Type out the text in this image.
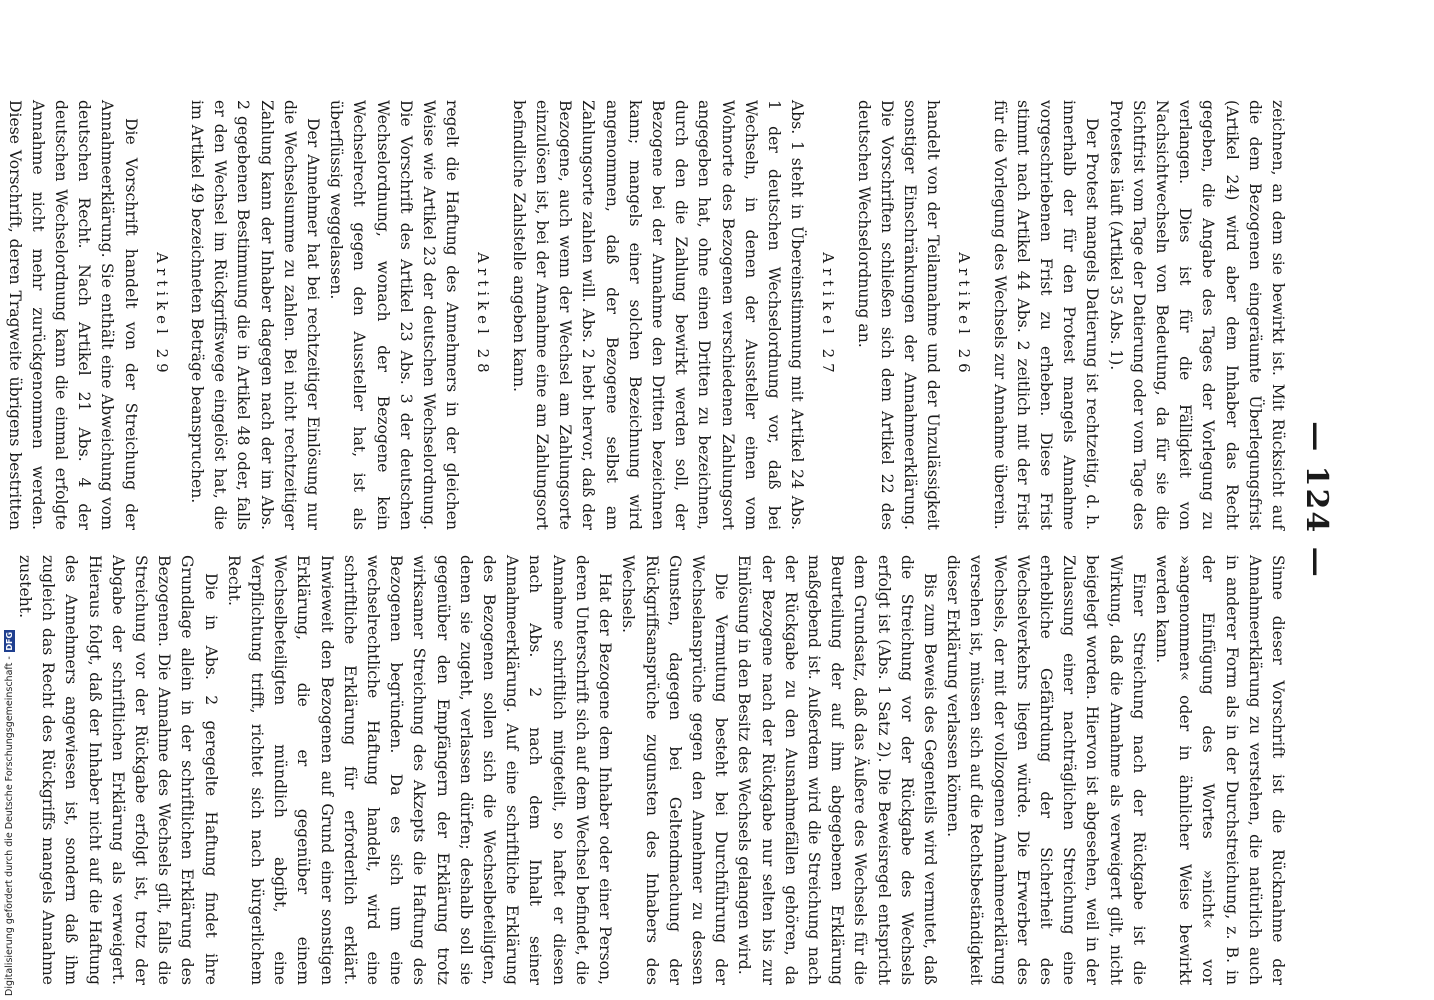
— 124 —

zeichnen, an dem sie bewirkt ist. Mit Rücksicht auf die dem Bezogenen eingeräumte Überlegungsfrist (Artikel 24) wird aber dem Inhaber das Recht gegeben, die Angabe des Tages der Vorlegung zu verlangen. Dies ist für die Fälligkeit von Nachsichtwechseln von Bedeutung, da für sie die Sichtfrist vom Tage der Datierung oder vom Tage des Protestes läuft (Artikel 35 Abs. 1).

Der Protest mangels Datierung ist rechtzeitig, d. h. innerhalb der für den Protest mangels Annahme vorgeschriebenen Frist zu erheben. Diese Frist stimmt nach Artikel 44 Abs. 2 zeitlich mit der Frist für die Vorlegung des Wechsels zur Annahme überein.

Artikel 26

handelt von der Teilannahme und der Unzulässigkeit sonstiger Einschränkungen der Annahmeerklärung. Die Vorschriften schließen sich dem Artikel 22 des deutschen Wechselordnung an.

Artikel 27

Abs. 1 steht in Übereinstimmung mit Artikel 24 Abs. 1 der deutschen Wechselordnung vor, daß bei Wechseln, in denen der Aussteller einen vom Wohnorte des Bezogenen verschiedenen Zahlungsort angegeben hat, ohne einen Dritten zu bezeichnen, durch den die Zahlung bewirkt werden soll, der Bezogene bei der Annahme den Dritten bezeichnen kann; mangels einer solchen Bezeichnung wird angenommen, daß der Bezogene selbst am Zahlungsorte zahlen will. Abs. 2 hebt hervor, daß der Bezogene, auch wenn der Wechsel am Zahlungsorte einzulösen ist, bei der Annahme eine am Zahlungsort befindliche Zahlstelle angeben kann.

Artikel 28

regelt die Haftung des Annehmers in der gleichen Weise wie Artikel 23 der deutschen Wechselordnung. Die Vorschrift des Artikel 23 Abs. 3 der deutschen Wechselordnung, wonach der Bezogene kein Wechselrecht gegen den Aussteller hat, ist als überflüssig weggelassen.

Der Annehmer hat bei rechtzeitiger Einlösung nur die Wechselsumme zu zahlen. Bei nicht rechtzeitiger Zahlung kann der Inhaber dagegen nach der im Abs. 2 gegebenen Bestimmung die in Artikel 48 oder, falls er den Wechsel im Rückgriffswege eingelöst hat, die im Artikel 49 bezeichneten Beträge beanspruchen.

Artikel 29

Die Vorschrift handelt von der Streichung der Annahmeerklärung. Sie enthält eine Abweichung vom deutschen Recht. Nach Artikel 21 Abs. 4 der deutschen Wechselordnung kann die einmal erfolgte Annahme nicht mehr zurückgenommen werden. Diese Vorschrift, deren Tragweite übrigens bestritten

Sinne dieser Vorschrift ist die Rücknahme der Annahmeerklärung zu verstehen, die natürlich auch in anderer Form als in der Durchstreichung, z. B. in der Einfügung des Wortes »nicht« vor »angenommen« oder in ähnlicher Weise bewirkt werden kann.

Einer Streichung nach der Rückgabe ist die Wirkung, daß die Annahme als verweigert gilt, nicht beigelegt worden. Hiervon ist abgesehen, weil in der Zulassung einer nachträglichen Streichung eine erhebliche Gefährdung der Sicherheit des Wechselverkehrs liegen würde. Die Erwerber des Wechsels, der mit der vollzogenen Annahmeerklärung versehen ist, müssen sich auf die Rechtsbeständigkeit dieser Erklärung verlassen können.

Bis zum Beweis des Gegenteils wird vermutet, daß die Streichung vor der Rückgabe des Wechsels erfolgt ist (Abs. 1 Satz 2). Die Beweisregel entspricht dem Grundsatz, daß das Äußere des Wechsels für die Beurteilung der auf ihm abgegebenen Erklärung maßgebend ist. Außerdem wird die Streichung nach der Rückgabe zu den Ausnahmefällen gehören, da der Bezogene nach der Rückgabe nur selten bis zur Einlösung in den Besitz des Wechsels gelangen wird.

Die Vermutung besteht bei Durchführung der Wechselansprüche gegen den Annehmer zu dessen Gunsten, dagegen bei Geltendmachung der Rückgriffsansprüche zugunsten des Inhabers des Wechsels.

Hat der Bezogene dem Inhaber oder einer Person, deren Unterschrift sich auf dem Wechsel befindet, die Annahme schriftlich mitgeteilt, so haftet er diesen nach Abs. 2 nach dem Inhalt seiner Annahmeerklärung. Auf eine schriftliche Erklärung des Bezogenen sollen sich die Wechselbeteiligten, denen sie zugeht, verlassen dürfen; deshalb soll sie gegenüber den Empfängern der Erklärung trotz wirksamer Streichung des Akzepts die Haftung des Bezogenen begründen. Da es sich um eine wechselrechtliche Haftung handelt, wird eine schriftliche Erklärung für erforderlich erklärt. Inwieweit den Bezogenen auf Grund einer sonstigen Erklärung, die er gegenüber einem Wechselbeteiligten mündlich abgibt, eine Verpflichtung trifft, richtet sich nach bürgerlichem Recht.

Die in Abs. 2 geregelte Haftung findet ihre Grundlage allein in der schriftlichen Erklärung des Bezogenen. Die Annahme des Wechsels gilt, falls die Streichung vor der Rückgabe erfolgt ist, trotz der Abgabe der schriftlichen Erklärung als verweigert. Hieraus folgt, daß der Inhaber nicht auf die Haftung des Annehmers angewiesen ist, sondern daß ihm zugleich das Recht des Rückgriffs mangels Annahme zusteht.

Digitalisierung gefördert durch die Deutsche Forschungsgemeinschaft -
DFG
